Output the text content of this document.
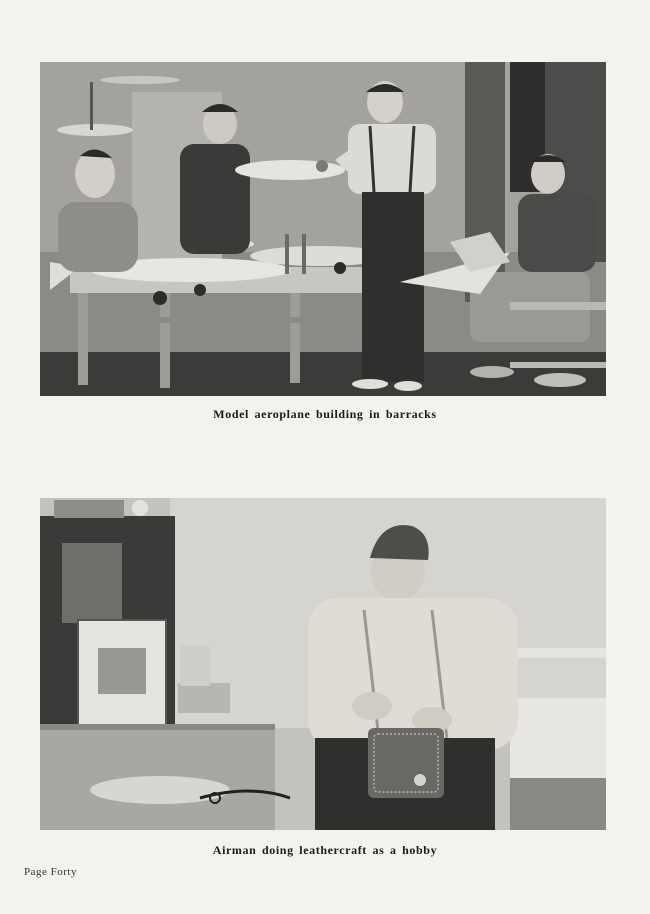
Model aeroplane building in barracks
Airman doing leathercraft as a hobby
Page Forty
